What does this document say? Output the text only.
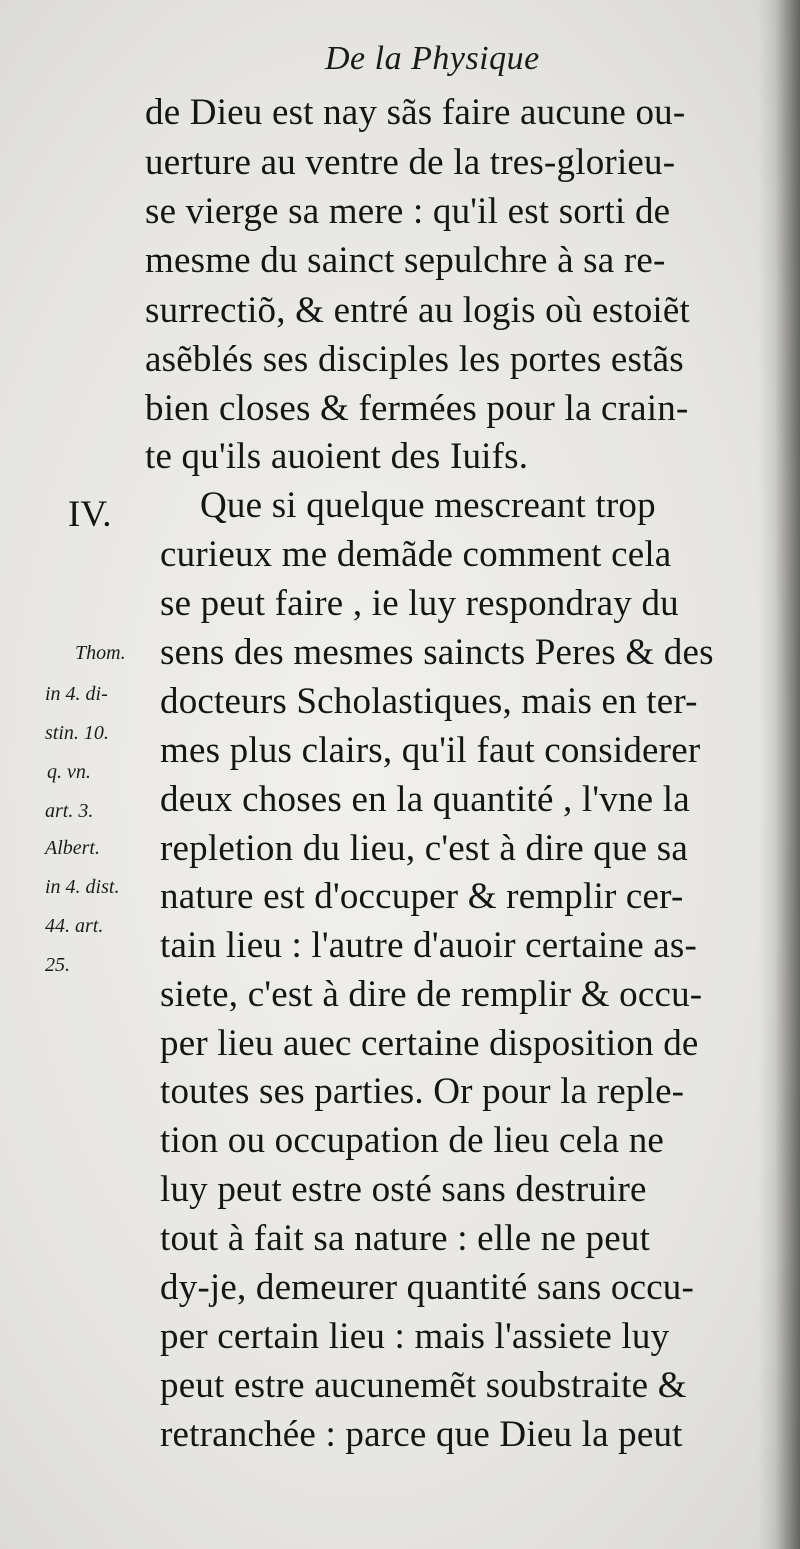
De la Physique
IV.
de Dieu est nay sãs faire aucune ou-
uerture au ventre de la tres-glorieu-
se vierge sa mere : qu'il est sorti de
mesme du sainct sepulchre à sa re-
surrectiõ, & entré au logis où estoiẽt
asẽblés ses disciples les portes estãs
bien closes & fermées pour la crain-
te qu'ils auoient des Iuifs.
Que si quelque mescreant trop
curieux me demãde comment cela
se peut faire , ie luy respondray du
sens des mesmes saincts Peres & des
docteurs Scholastiques, mais en ter-
mes plus clairs, qu'il faut considerer
deux choses en la quantité , l'vne la
repletion du lieu, c'est à dire que sa
nature est d'occuper & remplir cer-
tain lieu : l'autre d'auoir certaine as-
siete, c'est à dire de remplir & occu-
per lieu auec certaine disposition de
toutes ses parties. Or pour la reple-
tion ou occupation de lieu cela ne
luy peut estre osté sans destruire
tout à fait sa nature : elle ne peut
dy-je, demeurer quantité sans occu-
per certain lieu : mais l'assiete luy
peut estre aucunemẽt soubstraite &
retranchée : parce que Dieu la peut
Thom.
in 4. di-
stin. 10.
q. vn.
art. 3.
Albert.
in 4. dist.
44. art.
25.
